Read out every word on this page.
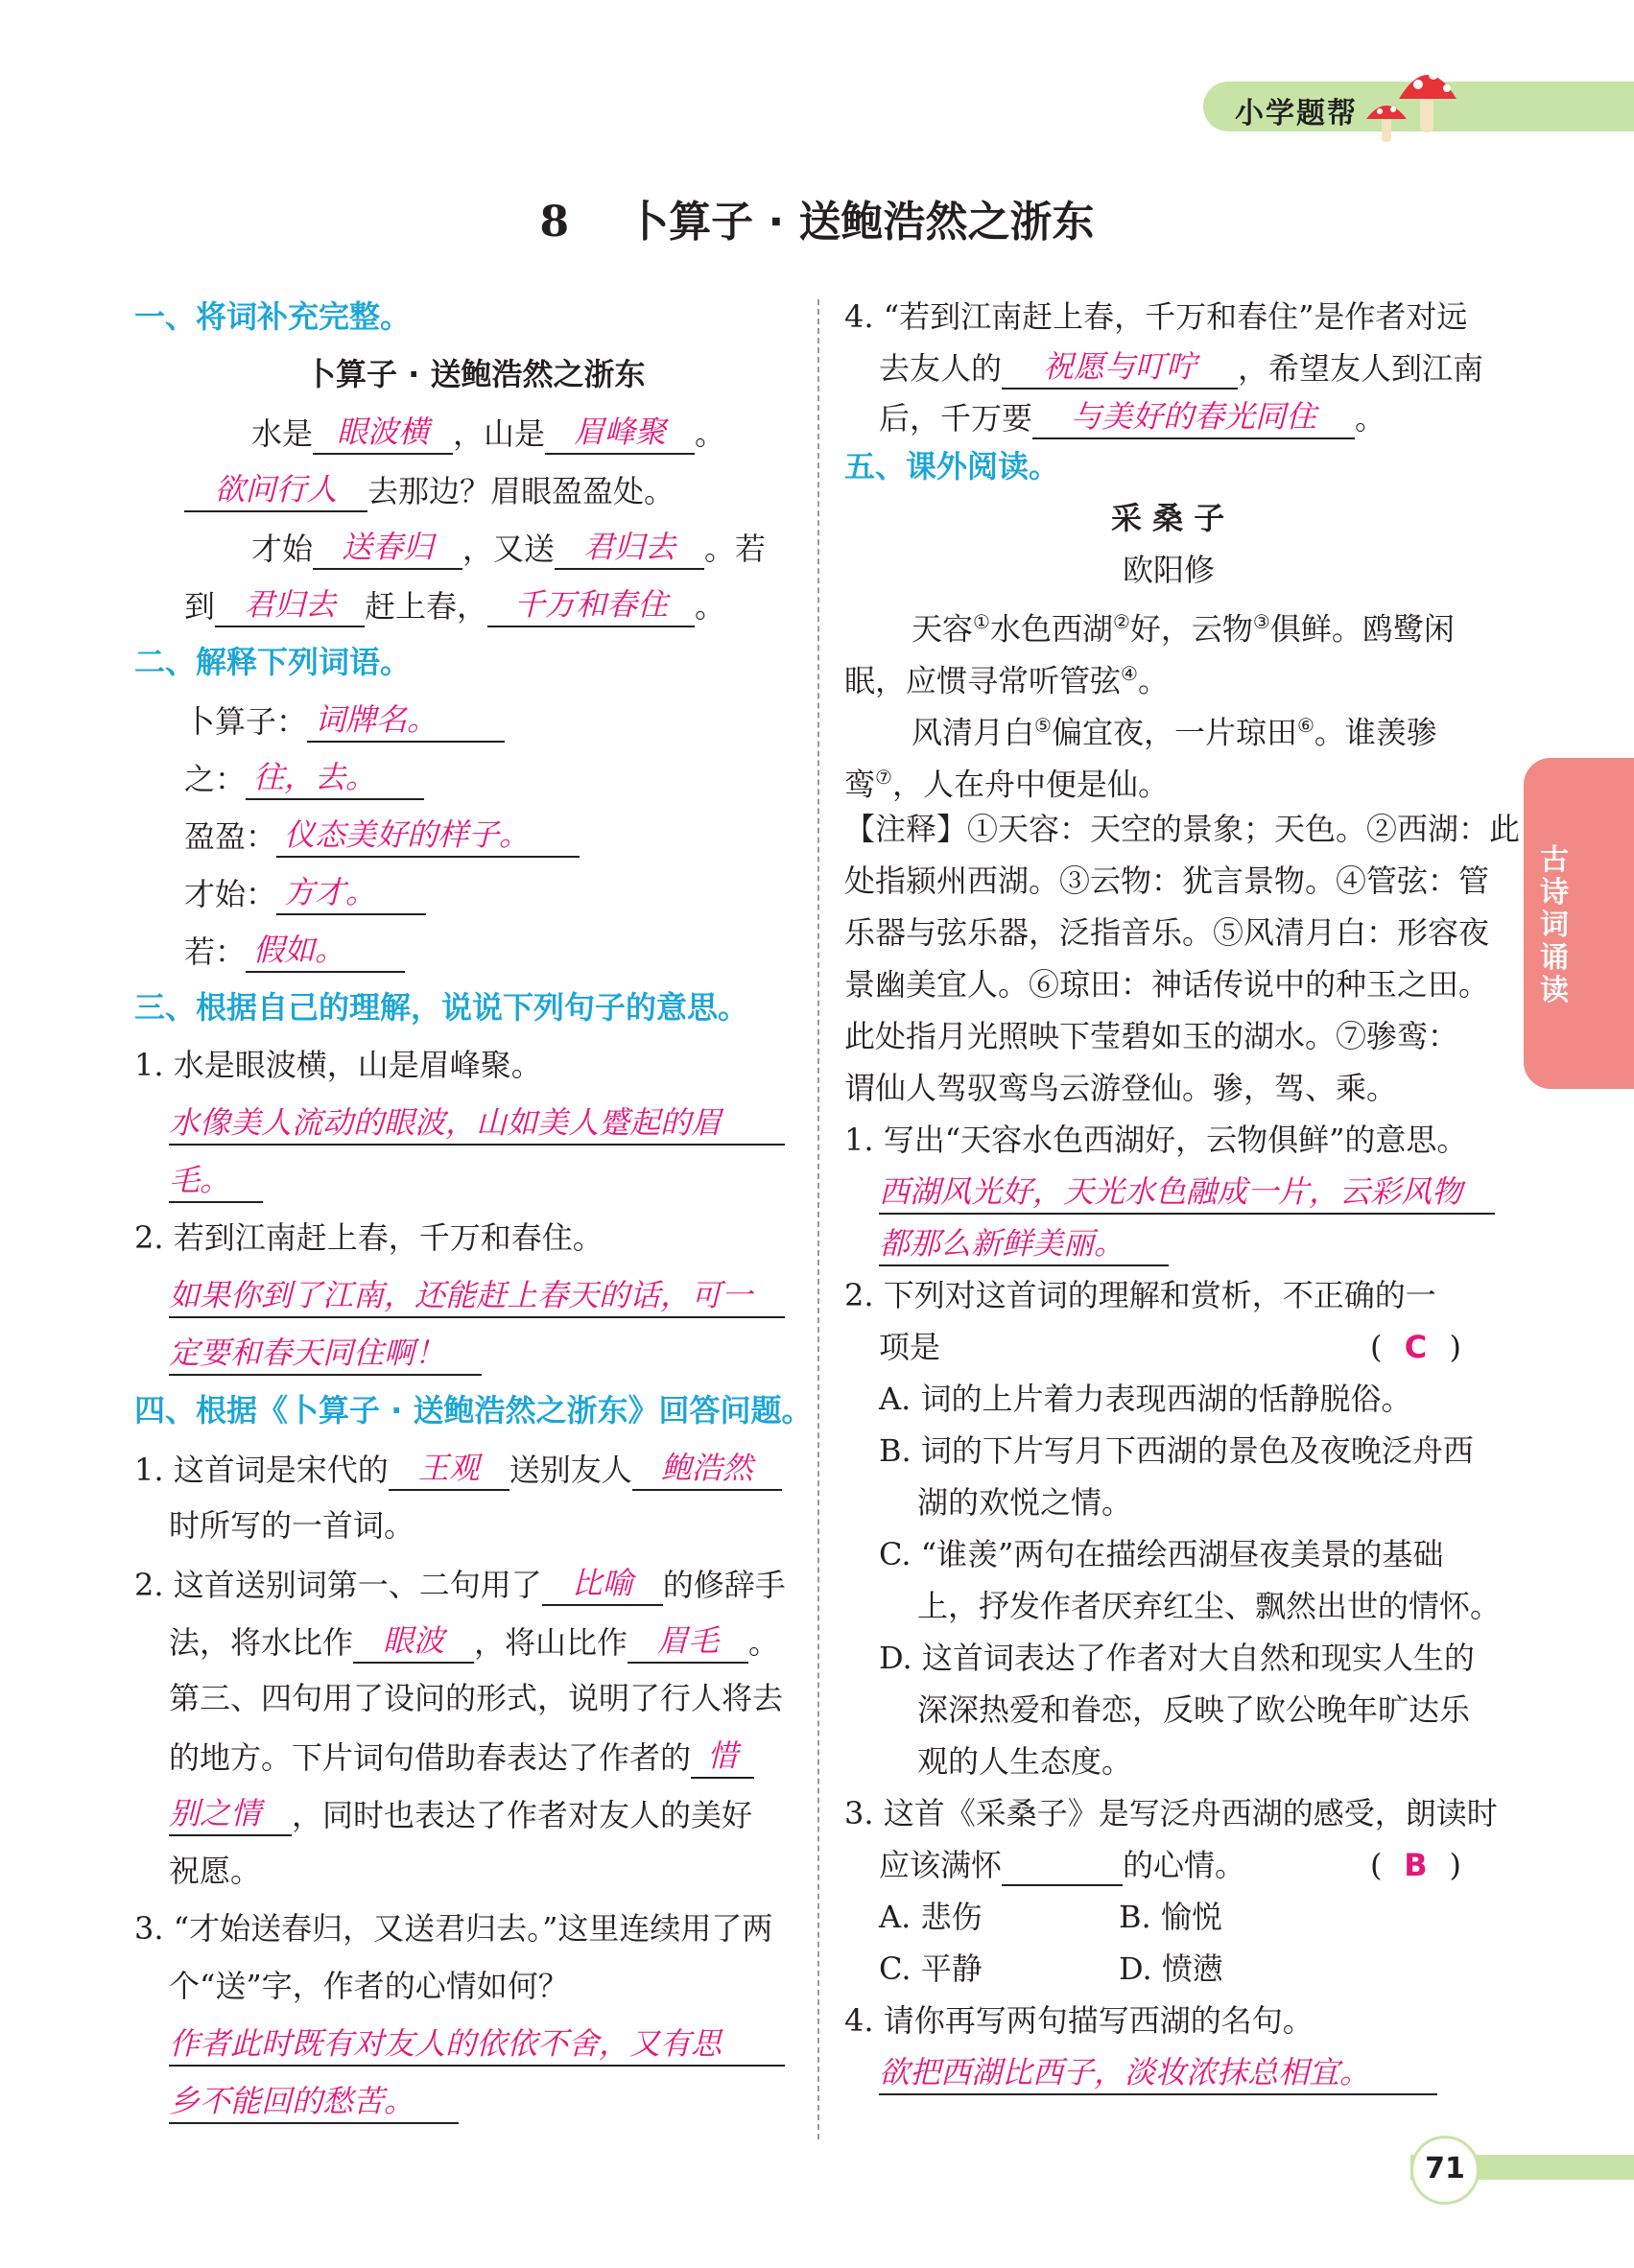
小学题帮
8 卜算子 · 送鲍浩然之浙东
古诗词诵读
一、将词补充完整。
卜算子 · 送鲍浩然之浙东
水是 眼波横 ，山是 眉峰聚 。
欲问行人 去那边？眉眼盈盈处。
才始 送春归 ，又送 君归去 。若
到 君归去 赶上春， 千万和春住 。
二、解释下列词语。
卜算子： 词牌名。
之： 往，去。
盈盈： 仪态美好的样子。
才始： 方才。
若： 假如。
三、根据自己的理解，说说下列句子的意思。
1. 水是眼波横，山是眉峰聚。
水像美人流动的眼波，山如美人蹙起的眉
毛。
2. 若到江南赶上春，千万和春住。
如果你到了江南，还能赶上春天的话，可一
定要和春天同住啊！
四、根据《卜算子 · 送鲍浩然之浙东》回答问题。
1. 这首词是宋代的 王观 送别友人 鲍浩然
时所写的一首词。
2. 这首送别词第一、二句用了 比喻 的修辞手
法，将水比作 眼波 ，将山比作 眉毛 。
第三、四句用了设问的形式，说明了行人将去
的地方。下片词句借助春表达了作者的 惜
别之情 ，同时也表达了作者对友人的美好
祝愿。
3. “才始送春归，又送君归去。”这里连续用了两
个“送”字，作者的心情如何？
作者此时既有对友人的依依不舍，又有思
乡不能回的愁苦。
4. “若到江南赶上春，千万和春住”是作者对远
去友人的 祝愿与叮咛 ，希望友人到江南
后，千万要 与美好的春光同住 。
五、课外阅读。
采 桑 子
欧阳修
天容①水色西湖②好，云物③俱鲜。鸥鹭闲
眠，应惯寻常听管弦④。
风清月白⑤偏宜夜，一片琼田⑥。谁羡骖
鸾⑦，人在舟中便是仙。
【注释】①天容：天空的景象；天色。②西湖：此
处指颍州西湖。③云物：犹言景物。④管弦：管
乐器与弦乐器，泛指音乐。⑤风清月白：形容夜
景幽美宜人。⑥琼田：神话传说中的种玉之田。
此处指月光照映下莹碧如玉的湖水。⑦骖鸾：
谓仙人驾驭鸾鸟云游登仙。骖，驾、乘。
1. 写出“天容水色西湖好，云物俱鲜”的意思。
西湖风光好，天光水色融成一片，云彩风物
都那么新鲜美丽。
2. 下列对这首词的理解和赏析，不正确的一
项是	( C )
A. 词的上片着力表现西湖的恬静脱俗。
B. 词的下片写月下西湖的景色及夜晚泛舟西
湖的欢悦之情。
C. “谁羡”两句在描绘西湖昼夜美景的基础
上，抒发作者厌弃红尘、飘然出世的情怀。
D. 这首词表达了作者对大自然和现实人生的
深深热爱和眷恋，反映了欧公晚年旷达乐
观的人生态度。
3. 这首《采桑子》是写泛舟西湖的感受，朗读时
应该满怀	的心情。	( B )
A. 悲伤	B. 愉悦
C. 平静	D. 愤懑
4. 请你再写两句描写西湖的名句。
欲把西湖比西子，淡妆浓抹总相宜。
71
